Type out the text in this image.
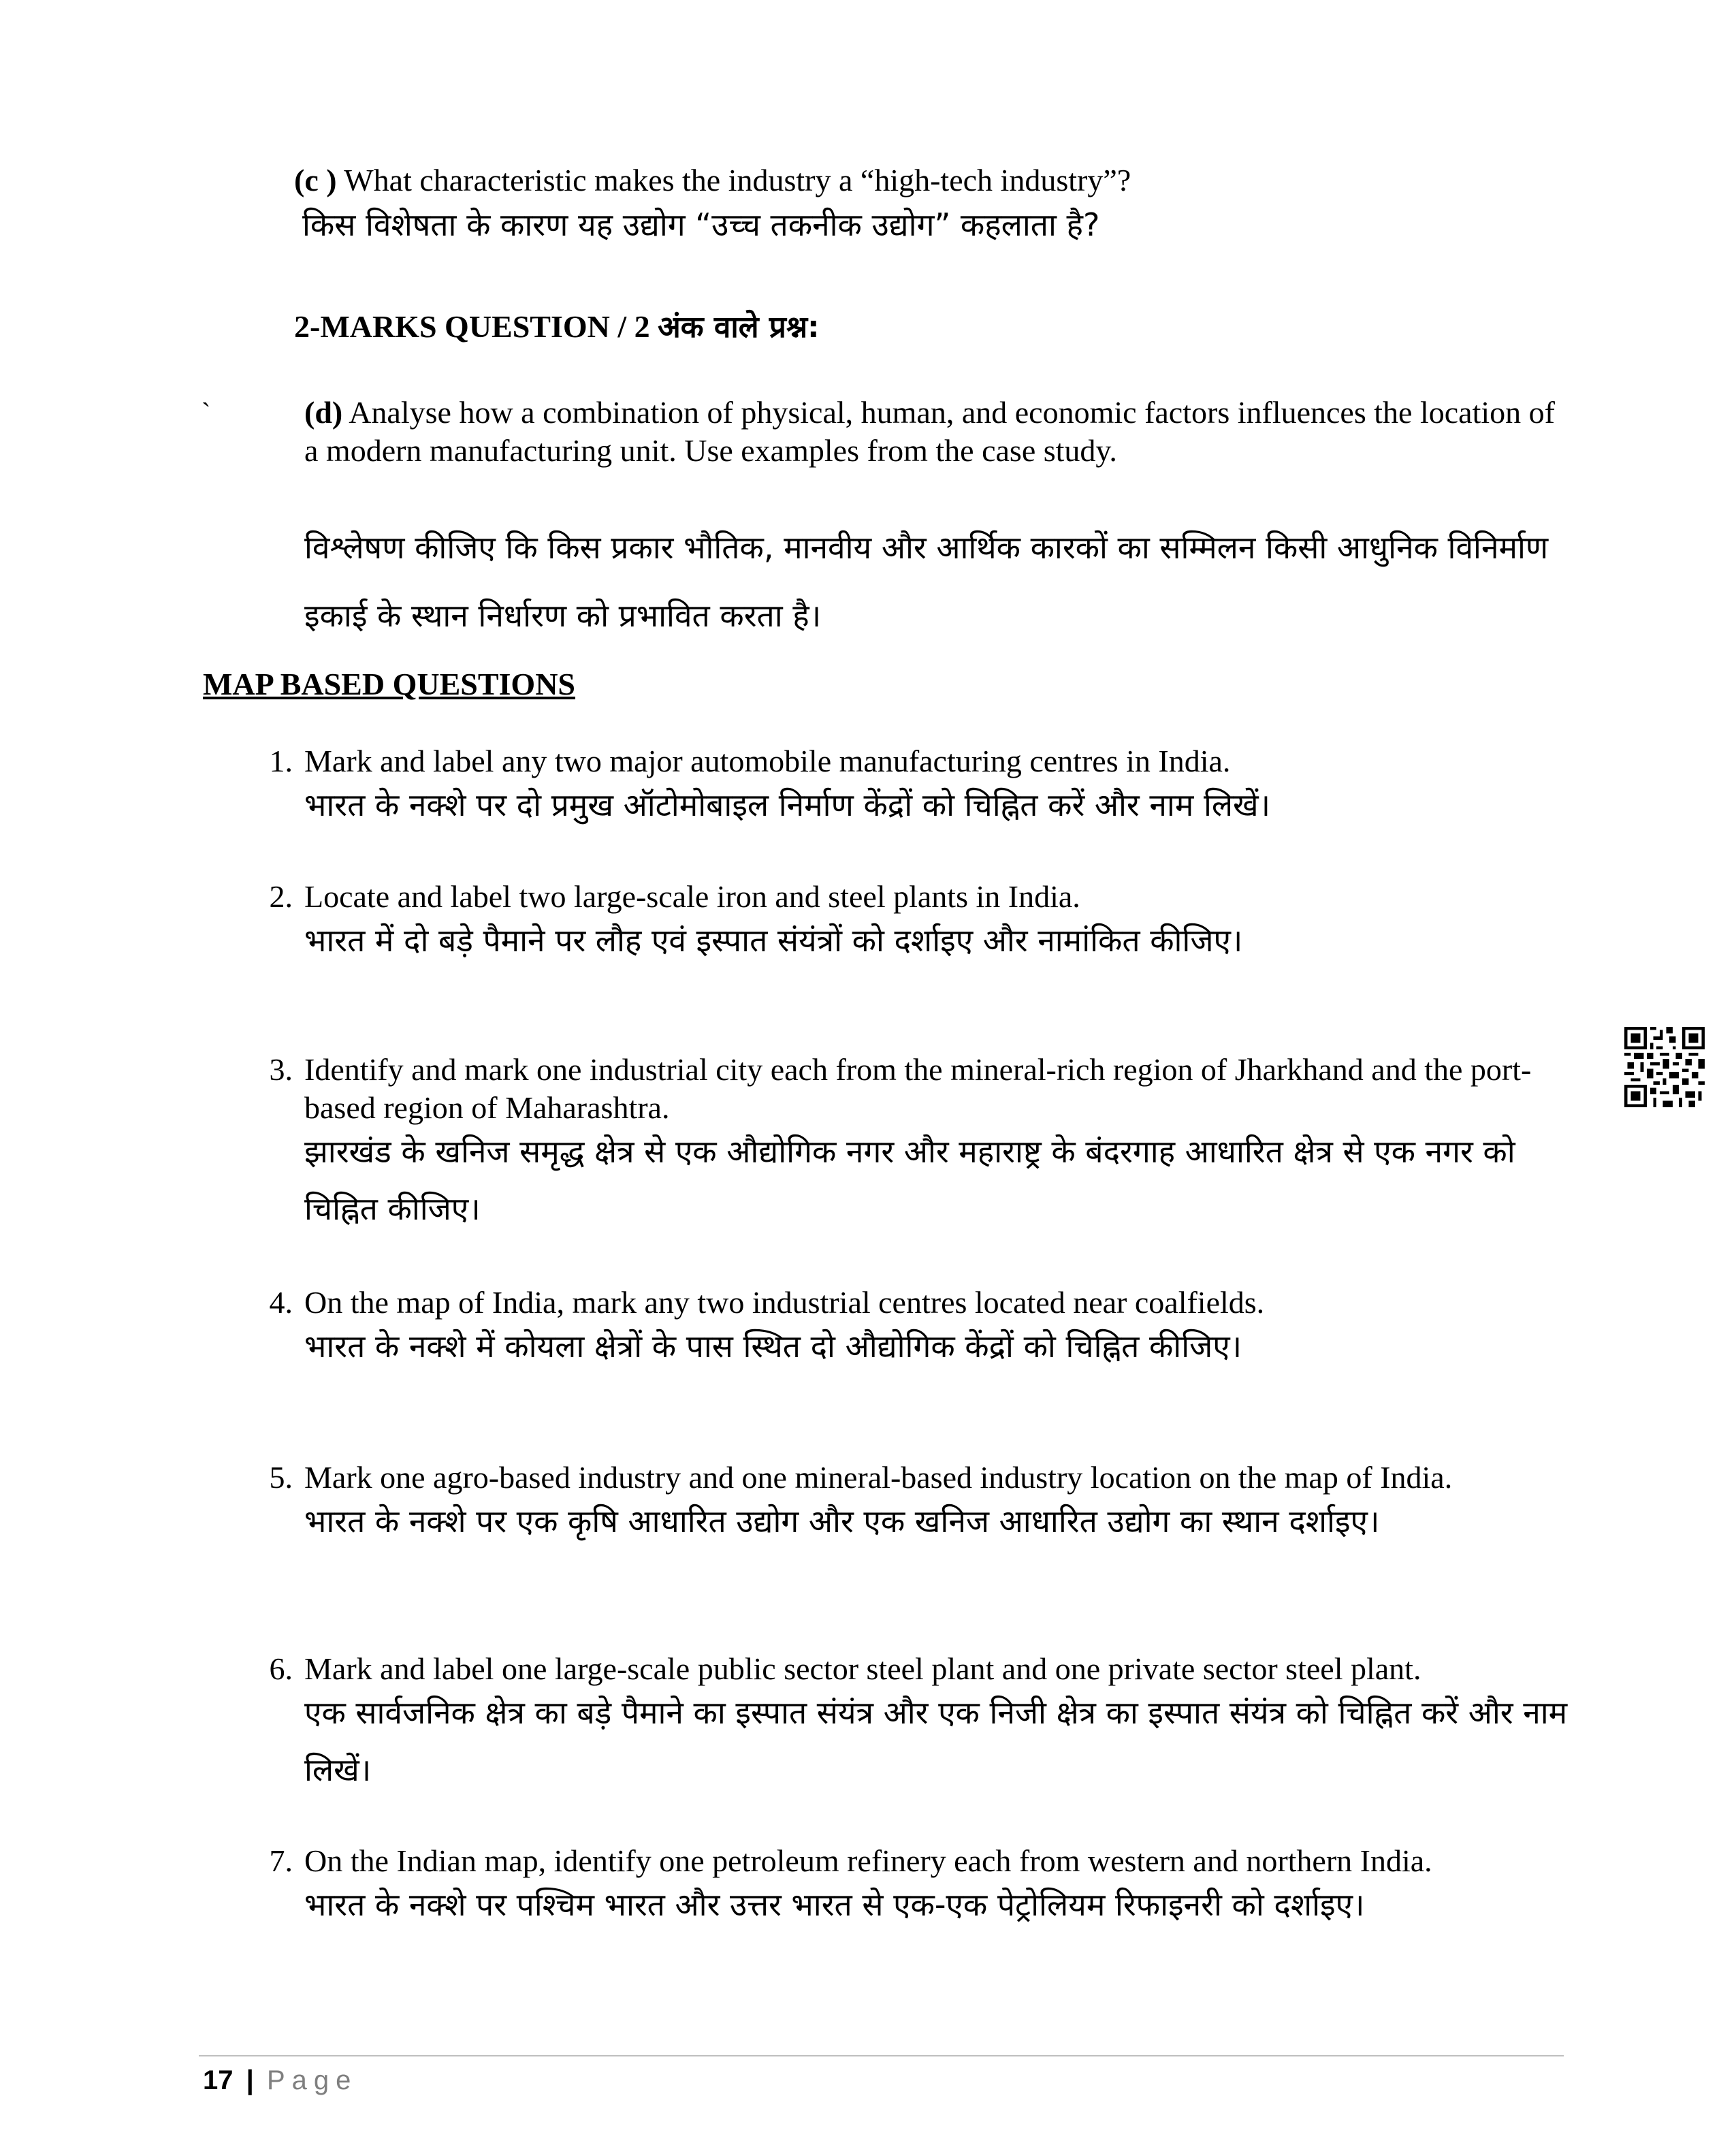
(c ) What characteristic makes the industry a “high-tech industry”?
किस विशेषता के कारण यह उद्योग “उच्च तकनीक उद्योग” कहलाता है?
2-MARKS QUESTION / 2 अंक वाले प्रश्न:
`	(d) Analyse how a combination of physical, human, and economic factors influences the location of a modern manufacturing unit. Use examples from the case study.
विश्लेषण कीजिए कि किस प्रकार भौतिक, मानवीय और आर्थिक कारकों का सम्मिलन किसी आधुनिक विनिर्माण इकाई के स्थान निर्धारण को प्रभावित करता है।
MAP BASED QUESTIONS
1. Mark and label any two major automobile manufacturing centres in India.
भारत के नक्शे पर दो प्रमुख ऑटोमोबाइल निर्माण केंद्रों को चिह्नित करें और नाम लिखें।
2. Locate and label two large-scale iron and steel plants in India.
भारत में दो बड़े पैमाने पर लौह एवं इस्पात संयंत्रों को दर्शाइए और नामांकित कीजिए।
3. Identify and mark one industrial city each from the mineral-rich region of Jharkhand and the port-based region of Maharashtra.
झारखंड के खनिज समृद्ध क्षेत्र से एक औद्योगिक नगर और महाराष्ट्र के बंदरगाह आधारित क्षेत्र से एक नगर को चिह्नित कीजिए।
4. On the map of India, mark any two industrial centres located near coalfields.
भारत के नक्शे में कोयला क्षेत्रों के पास स्थित दो औद्योगिक केंद्रों को चिह्नित कीजिए।
5. Mark one agro-based industry and one mineral-based industry location on the map of India.
भारत के नक्शे पर एक कृषि आधारित उद्योग और एक खनिज आधारित उद्योग का स्थान दर्शाइए।
6. Mark and label one large-scale public sector steel plant and one private sector steel plant.
एक सार्वजनिक क्षेत्र का बड़े पैमाने का इस्पात संयंत्र और एक निजी क्षेत्र का इस्पात संयंत्र को चिह्नित करें और नाम लिखें।
7. On the Indian map, identify one petroleum refinery each from western and northern India.
भारत के नक्शे पर पश्चिम भारत और उत्तर भारत से एक-एक पेट्रोलियम रिफाइनरी को दर्शाइए।
17 | Page
